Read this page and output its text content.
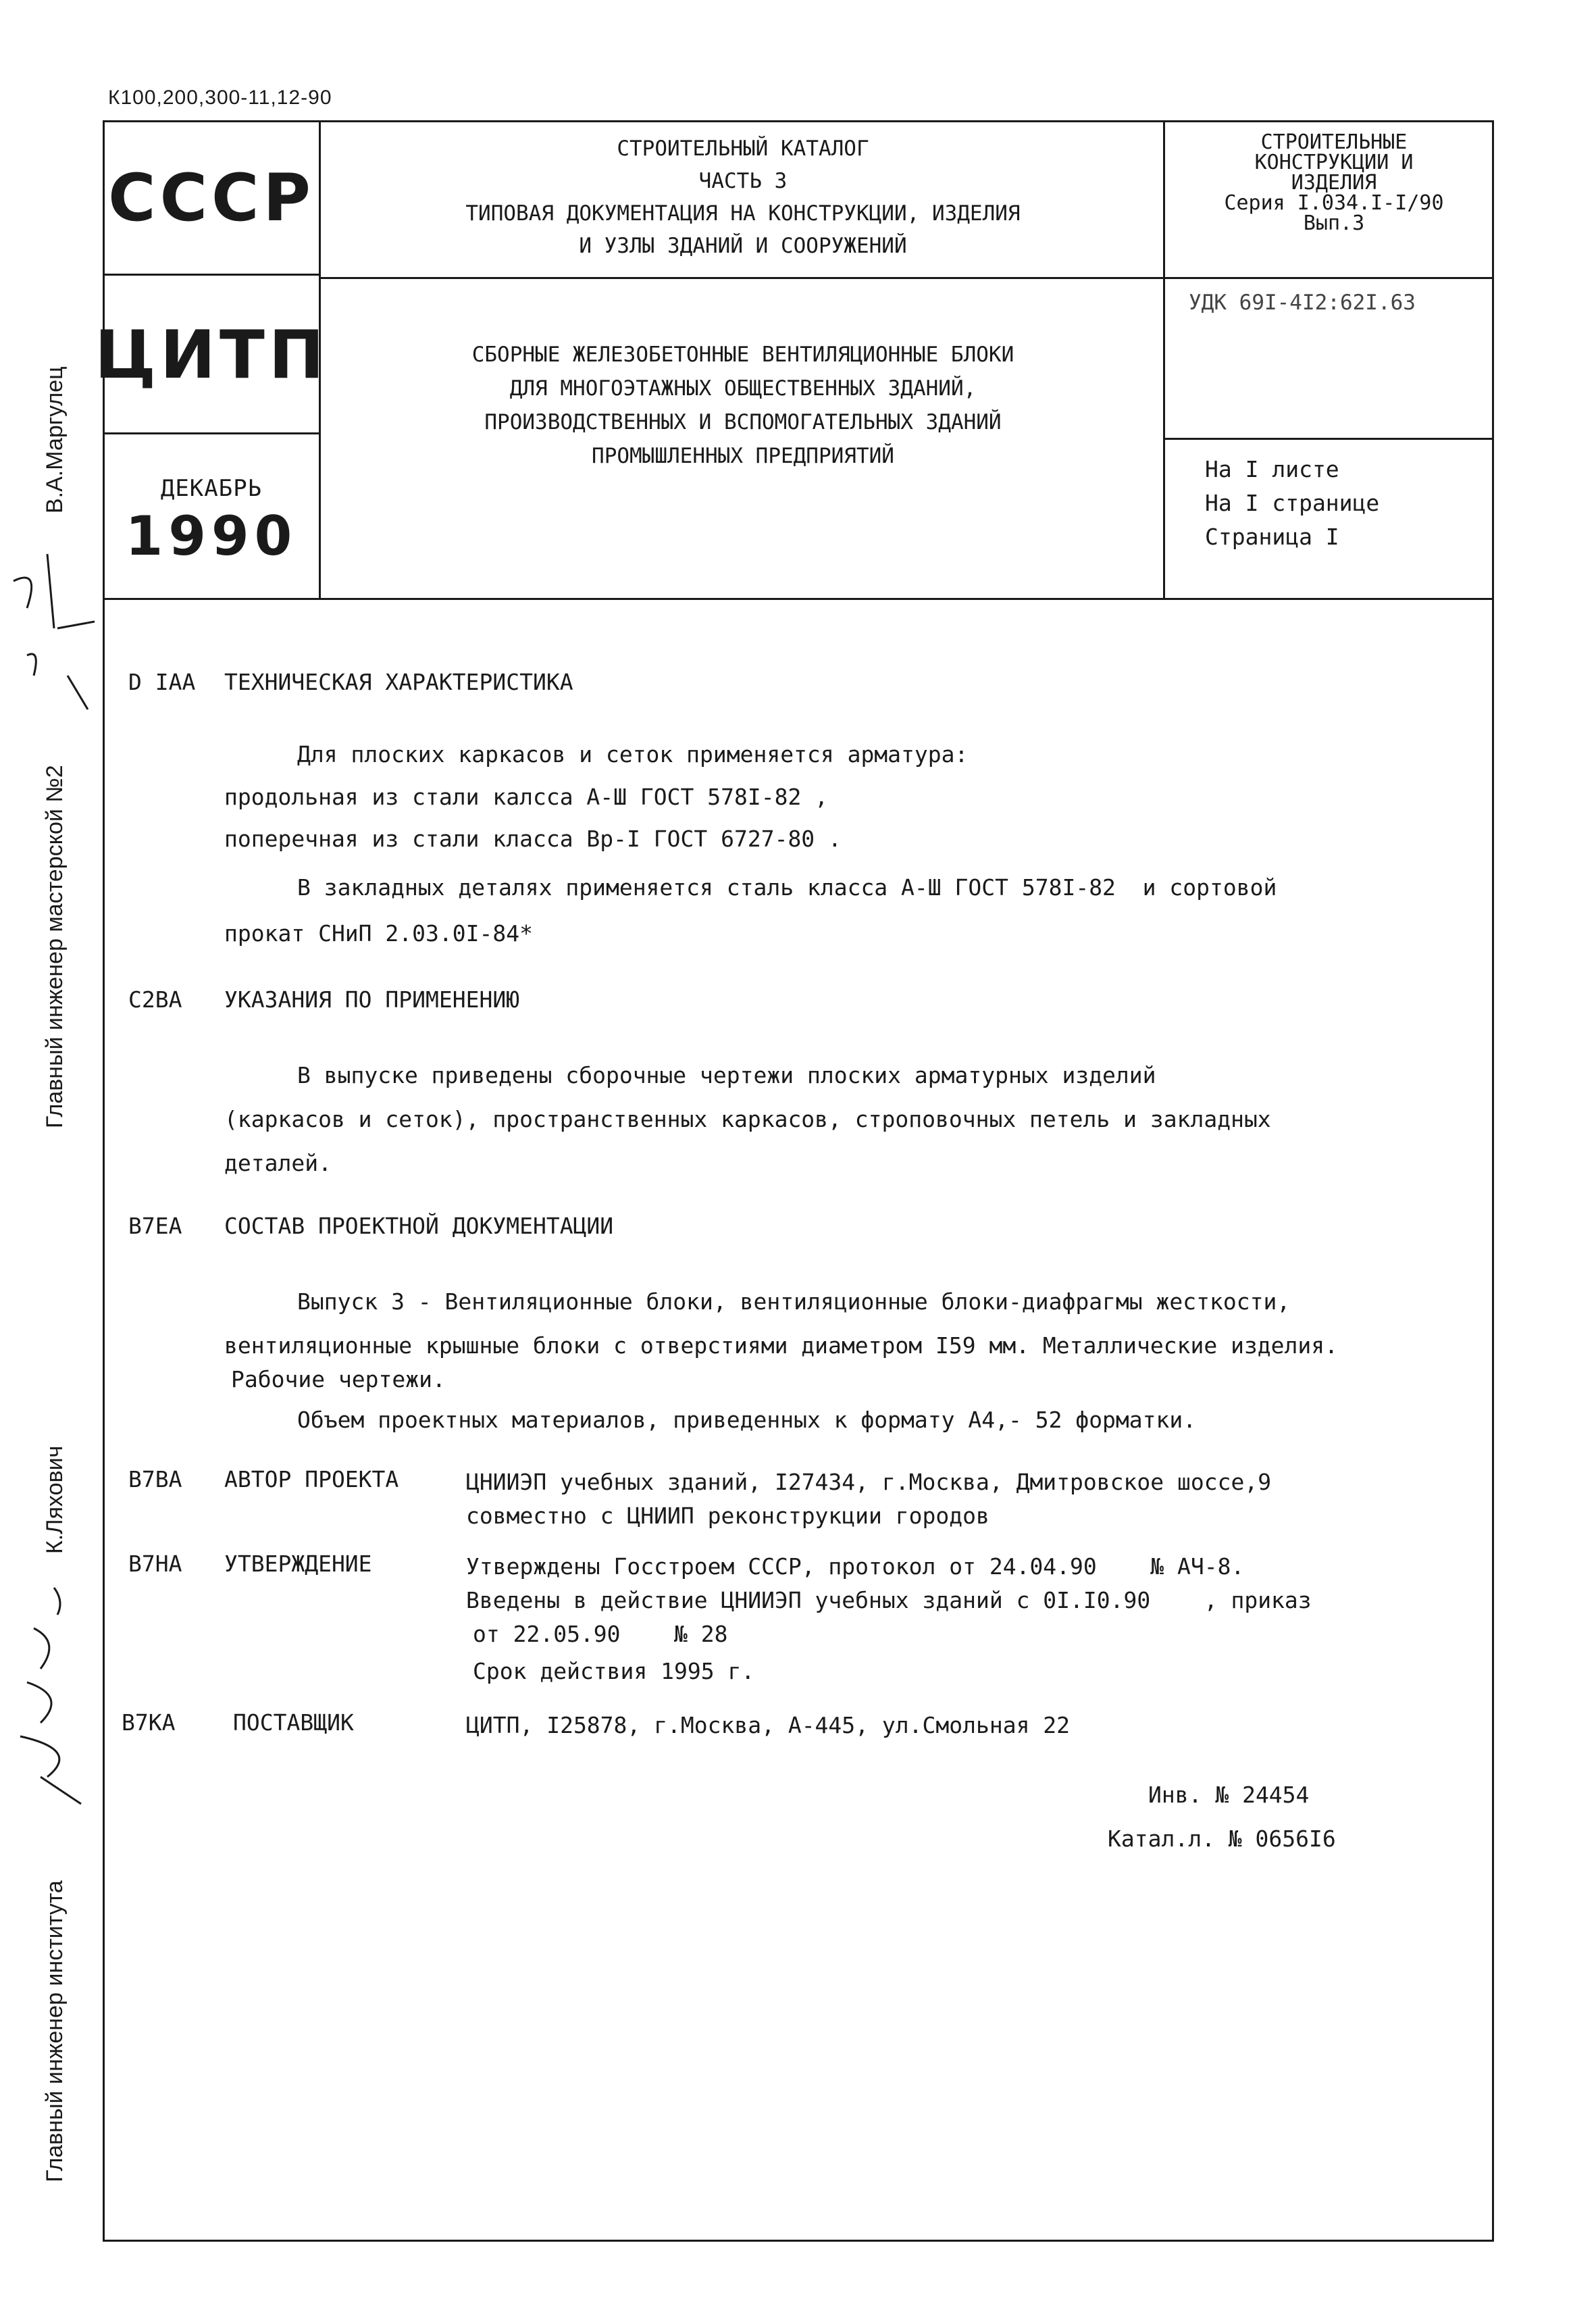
К100,200,300-11,12-90
СССР
ЦИТП
ДЕКАБРЬ
1990
СТРОИТЕЛЬНЫЙ КАТАЛОГ
ЧАСТЬ 3
ТИПОВАЯ ДОКУМЕНТАЦИЯ НА КОНСТРУКЦИИ, ИЗДЕЛИЯ
И УЗЛЫ ЗДАНИЙ И СООРУЖЕНИЙ
СТРОИТЕЛЬНЫЕ
КОНСТРУКЦИИ И
ИЗДЕЛИЯ
Серия I.034.I-I/90
Вып.3
УДК 69I-4I2:62I.63
СБОРНЫЕ ЖЕЛЕЗОБЕТОННЫЕ ВЕНТИЛЯЦИОННЫЕ БЛОКИ
ДЛЯ МНОГОЭТАЖНЫХ ОБЩЕСТВЕННЫХ ЗДАНИЙ,
ПРОИЗВОДСТВЕННЫХ И ВСПОМОГАТЕЛЬНЫХ ЗДАНИЙ
ПРОМЫШЛЕННЫХ ПРЕДПРИЯТИЙ	На I листе
На I странице
Страница I
В.А.Маргулец
Главный инженер мастерской №2
К.Ляхович
Главный инженер института
D IAA ТЕХНИЧЕСКАЯ ХАРАКТЕРИСТИКА
Для плоских каркасов и сеток применяется арматура:
продольная из стали калсса А-Ш ГОСТ 578I-82 ,
поперечная из стали класса Вр-I ГОСТ 6727-80 .
В закладных деталях применяется сталь класса А-Ш ГОСТ 578I-82  и сортовой
прокат СНиП 2.03.0I-84*
C2BA УКАЗАНИЯ ПО ПРИМЕНЕНИЮ
В выпуске приведены сборочные чертежи плоских арматурных изделий
(каркасов и сеток), пространственных каркасов, строповочных петель и закладных
деталей.
B7EA СОСТАВ ПРОЕКТНОЙ ДОКУМЕНТАЦИИ
Выпуск 3 - Вентиляционные блоки, вентиляционные блоки-диафрагмы жесткости,
вентиляционные крышные блоки с отверстиями диаметром I59 мм. Металлические изделия.
Рабочие чертежи.
Объем проектных материалов, приведенных к формату А4,- 52 форматки.
B7BA АВТОР ПРОЕКТА	ЦНИИЭП учебных зданий, I27434, г.Москва, Дмитровское шоссе,9
совместно с ЦНИИП реконструкции городов
B7HA УТВЕРЖДЕНИЕ	Утверждены Госстроем СССР, протокол от 24.04.90    № АЧ-8.
Введены в действие ЦНИИЭП учебных зданий с 0I.I0.90    , приказ
от 22.05.90    № 28
Срок действия 1995 г.
B7KA	ПОСТАВЩИК	ЦИТП, I25878, г.Москва, А-445, ул.Смольная 22
Инв. № 24454
Катал.л. № 0656I6
